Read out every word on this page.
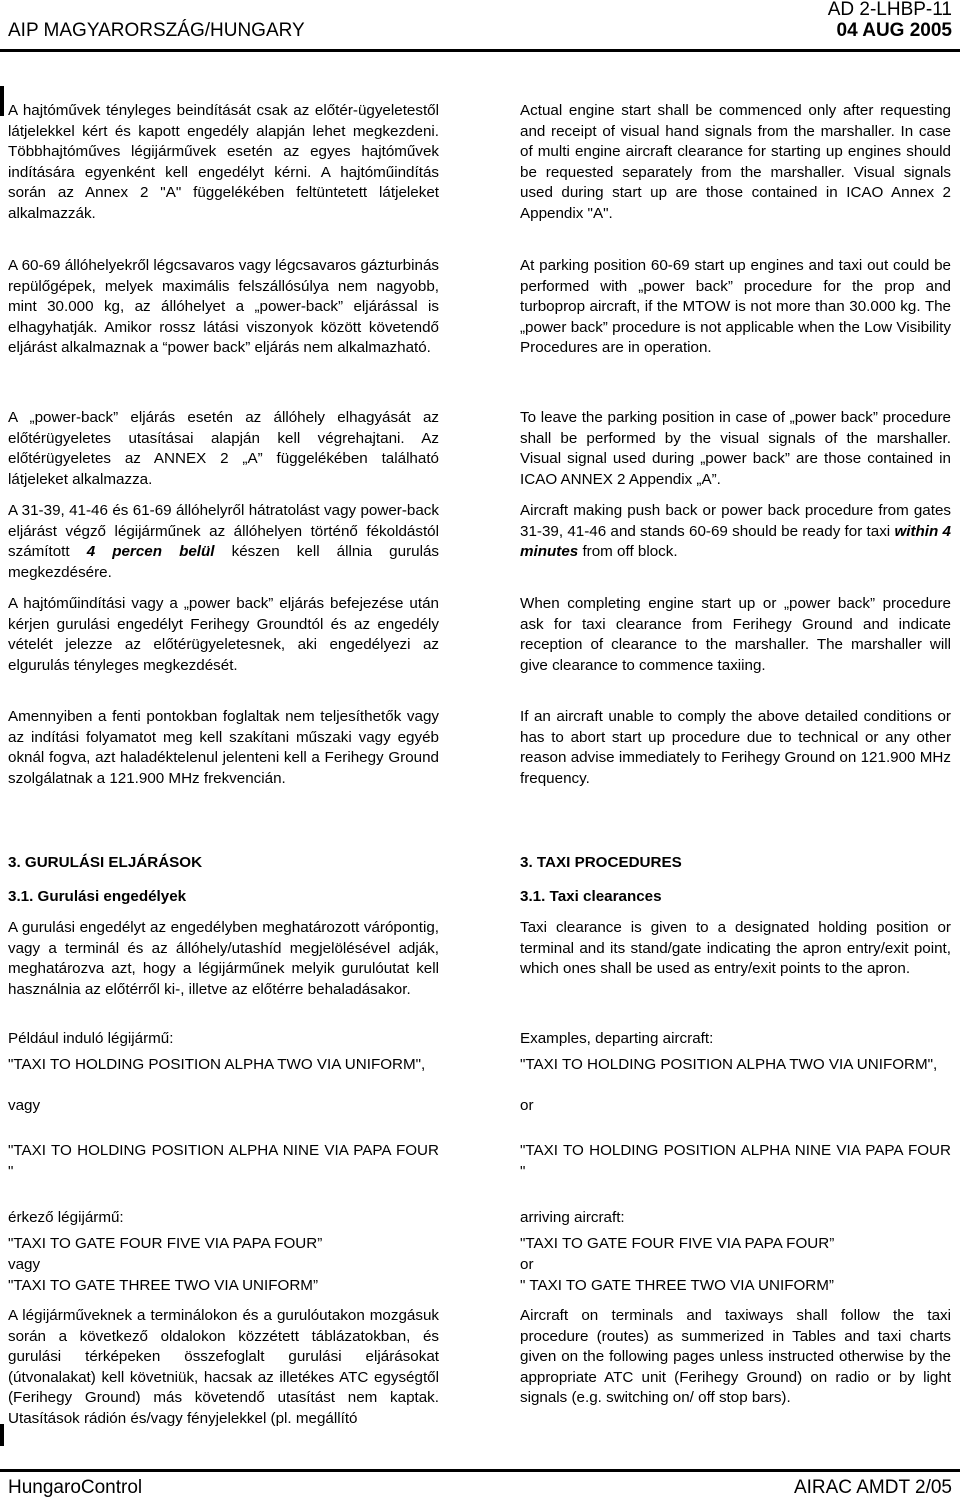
AIP MAGYARORSZÁG/HUNGARY
AD 2-LHBP-11
04 AUG 2005

A hajtóművek tényleges beindítását csak az előtér-ügyeletestől látjelekkel kért és kapott engedély alapján lehet megkezdeni. Többhajtóműves légijárművek esetén az egyes hajtóművek indítására egyenként kell engedélyt kérni. A hajtóműindítás során az Annex 2 "A" függelékében feltüntetett látjeleket alkalmazzák.

A 60-69 állóhelyekről légcsavaros vagy légcsavaros gázturbinás repülőgépek, melyek maximális felszállósúlya nem nagyobb, mint 30.000 kg, az állóhelyet a „power-back” eljárással is elhagyhatják. Amikor rossz látási viszonyok között követendő eljárást alkalmaznak a “power back” eljárás nem alkalmazható.

A „power-back” eljárás esetén az állóhely elhagyását az előtérügyeletes utasításai alapján kell végrehajtani. Az előtérügyeletes az ANNEX 2 „A” függelékében található látjeleket alkalmazza.

A 31-39, 41-46 és 61-69 állóhelyről hátratolást vagy power-back eljárást végző légijárműnek az állóhelyen történő fékoldástól számított 4 percen belül készen kell állnia gurulás megkezdésére.

A hajtóműindítási vagy a „power back” eljárás befejezése után kérjen gurulási engedélyt Ferihegy Groundtól és az engedély vételét jelezze az előtérügyeletesnek, aki engedélyezi az elgurulás tényleges megkezdését.

Amennyiben a fenti pontokban foglaltak nem teljesíthetők vagy az indítási folyamatot meg kell szakítani műszaki vagy egyéb oknál fogva, azt haladéktelenul jelenteni kell a Ferihegy Ground szolgálatnak a 121.900 MHz frekvencián.

Actual engine start shall be commenced only after requesting and receipt of visual hand signals from the marshaller. In case of multi engine aircraft clearance for starting up engines should be requested separately from the marshaller. Visual signals used during start up are those contained in ICAO Annex 2 Appendix "A".

At parking position 60-69 start up engines and taxi out could be performed with „power back” procedure for the prop and turboprop aircraft, if the MTOW is not more than 30.000 kg. The „power back” procedure is not applicable when the Low Visibility Procedures are in operation.

To leave the parking position in case of „power back” procedure shall be performed by the visual signals of the marshaller. Visual signal used during „power back” are those contained in ICAO ANNEX 2 Appendix „A”.

Aircraft making push back or power back procedure from gates 31-39, 41-46 and stands 60-69 should be ready for taxi within 4 minutes from off block.

When completing engine start up or „power back” procedure ask for taxi clearance from Ferihegy Ground and indicate reception of clearance to the marshaller. The marshaller will give clearance to commence taxiing.

If an aircraft unable to comply the above detailed conditions or has to abort start up procedure due to technical or any other reason advise immediately to Ferihegy Ground on 121.900 MHz frequency.

3. GURULÁSI ELJÁRÁSOK	3. TAXI PROCEDURES
3.1. Gurulási engedélyek	3.1. Taxi clearances

A gurulási engedélyt az engedélyben meghatározott várópontig, vagy a terminál és az állóhely/utashíd megjelölésével adják, meghatározva azt, hogy a légijárműnek melyik gurulóutat kell használnia az előtérről ki-, illetve az előtérre behaladásakor.

Például induló légijármű:

"TAXI TO HOLDING POSITION ALPHA TWO VIA UNIFORM",

vagy

"TAXI TO HOLDING POSITION ALPHA NINE VIA PAPA FOUR "

érkező légijármű:
"TAXI TO GATE FOUR FIVE VIA PAPA FOUR”
vagy
"TAXI TO GATE THREE TWO VIA UNIFORM”

A légijárműveknek a terminálokon és a gurulóutakon mozgásuk során a következő oldalokon közzétett táblázatokban, és gurulási térképeken összefoglalt gurulási eljárásokat (útvonalakat) kell követniük, hacsak az illetékes ATC egységtől (Ferihegy Ground) más követendő utasítást nem kaptak. Utasítások rádión és/vagy fényjelekkel (pl. megállító

Taxi clearance is given to a designated holding position or terminal and its stand/gate indicating the apron entry/exit point, which ones shall be used as entry/exit points to the apron.

Examples, departing aircraft:

"TAXI TO HOLDING POSITION ALPHA TWO VIA UNIFORM",

or

"TAXI TO HOLDING POSITION ALPHA NINE VIA PAPA FOUR "

arriving aircraft:
"TAXI TO GATE FOUR FIVE VIA PAPA FOUR”
or
" TAXI TO GATE THREE TWO VIA UNIFORM”

Aircraft on terminals and taxiways shall follow the taxi procedure (routes) as summerized in Tables and taxi charts given on the following pages unless instructed otherwise by the appropriate ATC unit (Ferihegy Ground) on radio or by light signals (e.g. switching on/ off stop bars).

HungaroControl	AIRAC AMDT 2/05
